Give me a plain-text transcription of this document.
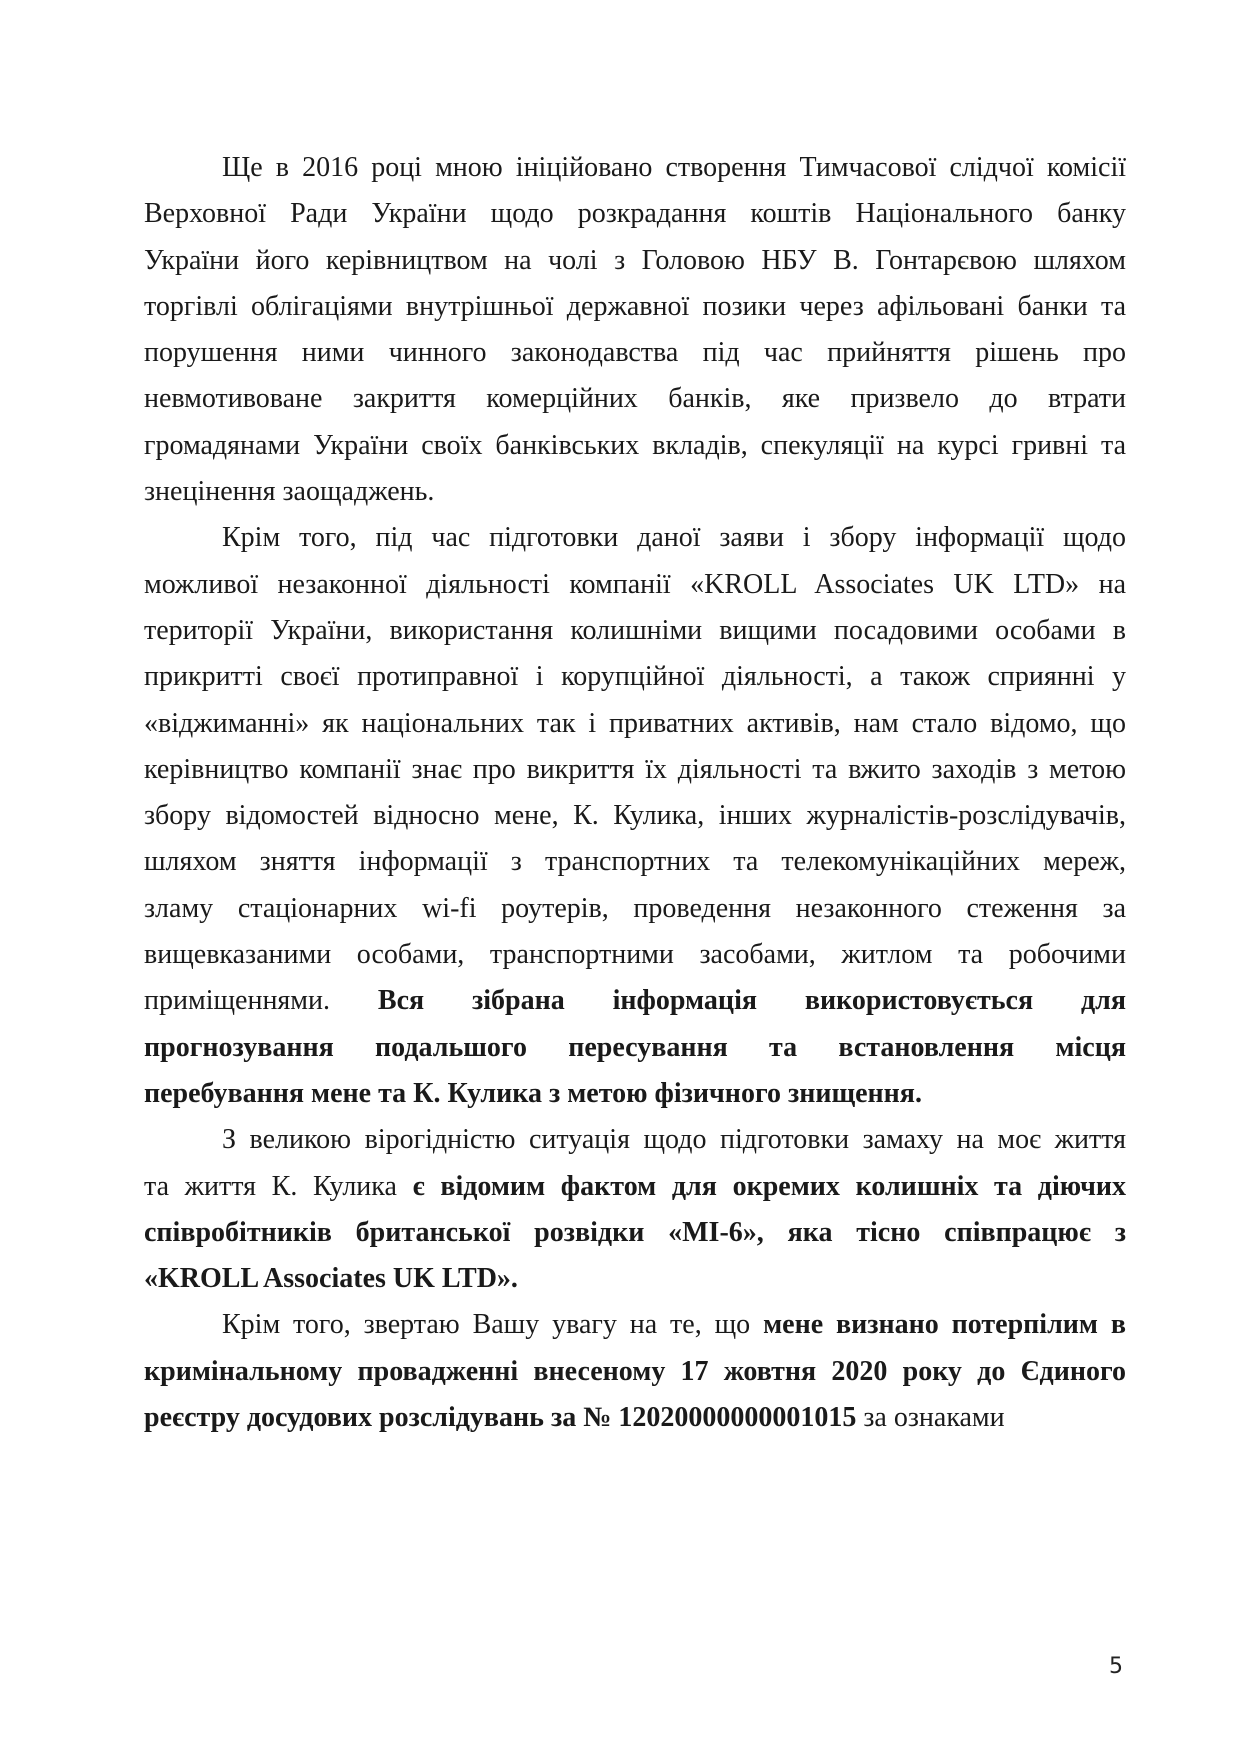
Ще в 2016 році мною ініційовано створення Тимчасової слідчої комісії
Верховної Ради України щодо розкрадання коштів Національного банку
України його керівництвом на чолі з Головою НБУ В. Гонтарєвою шляхом
торгівлі облігаціями внутрішньої державної позики через афільовані банки та
порушення ними чинного законодавства під час прийняття рішень про
невмотивоване закриття комерційних банків, яке призвело до втрати
громадянами України своїх банківських вкладів, спекуляції на курсі гривні та
знецінення заощаджень.
Крім того, під час підготовки даної заяви і збору інформації щодо
можливої незаконної діяльності компанії «KROLL Associates UK LTD» на
території України, використання колишніми вищими посадовими особами в
прикритті своєї протиправної і корупційної діяльності, а також сприянні у
«віджиманні» як національних так і приватних активів, нам стало відомо, що
керівництво компанії знає про викриття їх діяльності та вжито заходів з метою
збору відомостей відносно мене, К. Кулика, інших журналістів-розслідувачів,
шляхом зняття інформації з транспортних та телекомунікаційних мереж,
зламу стаціонарних wi-fi роутерів, проведення незаконного стеження за
вищевказаними особами, транспортними засобами, житлом та робочими
приміщеннями. Вся зібрана інформація використовується для
прогнозування подальшого пересування та встановлення місця
перебування мене та К. Кулика з метою фізичного знищення.
З великою вірогідністю ситуація щодо підготовки замаху на моє життя
та життя К. Кулика є відомим фактом для окремих колишніх та діючих
співробітників британської розвідки «МІ-6», яка тісно співпрацює з
«KROLL Associates UK LTD».
Крім того, звертаю Вашу увагу на те, що мене визнано потерпілим в
кримінальному провадженні внесеному 17 жовтня 2020 року до Єдиного
реєстру досудових розслідувань за № 12020000000001015 за ознаками
5
